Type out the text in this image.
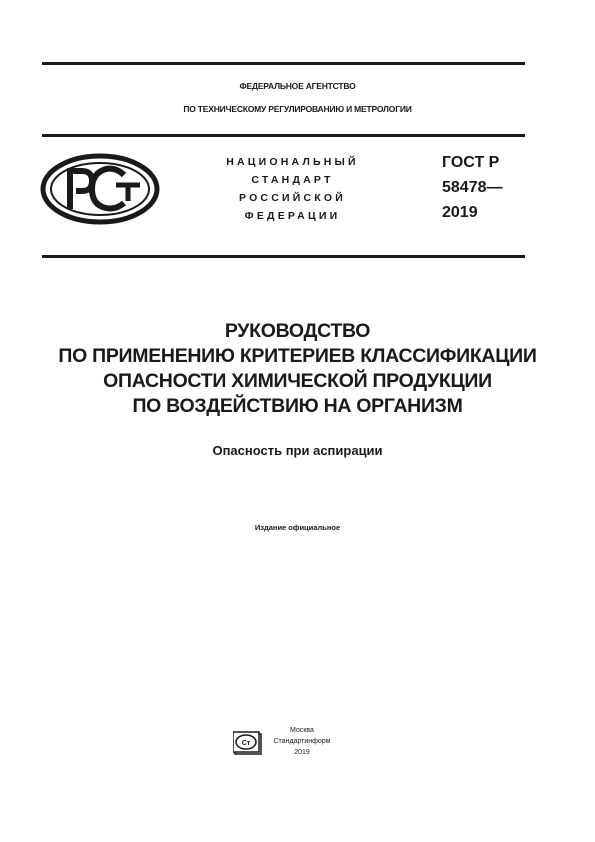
ФЕДЕРАЛЬНОЕ АГЕНТСТВО
ПО ТЕХНИЧЕСКОМУ РЕГУЛИРОВАНИЮ И МЕТРОЛОГИИ
НАЦИОНАЛЬНЫЙ
СТАНДАРТ
РОССИЙСКОЙ
ФЕДЕРАЦИИ
ГОСТ Р
58478—
2019
РУКОВОДСТВО
ПО ПРИМЕНЕНИЮ КРИТЕРИЕВ КЛАССИФИКАЦИИ
ОПАСНОСТИ ХИМИЧЕСКОЙ ПРОДУКЦИИ
ПО ВОЗДЕЙСТВИЮ НА ОРГАНИЗМ
Опасность при аспирации
Издание официальное
Ст
Москва
Стандартинформ
2019
